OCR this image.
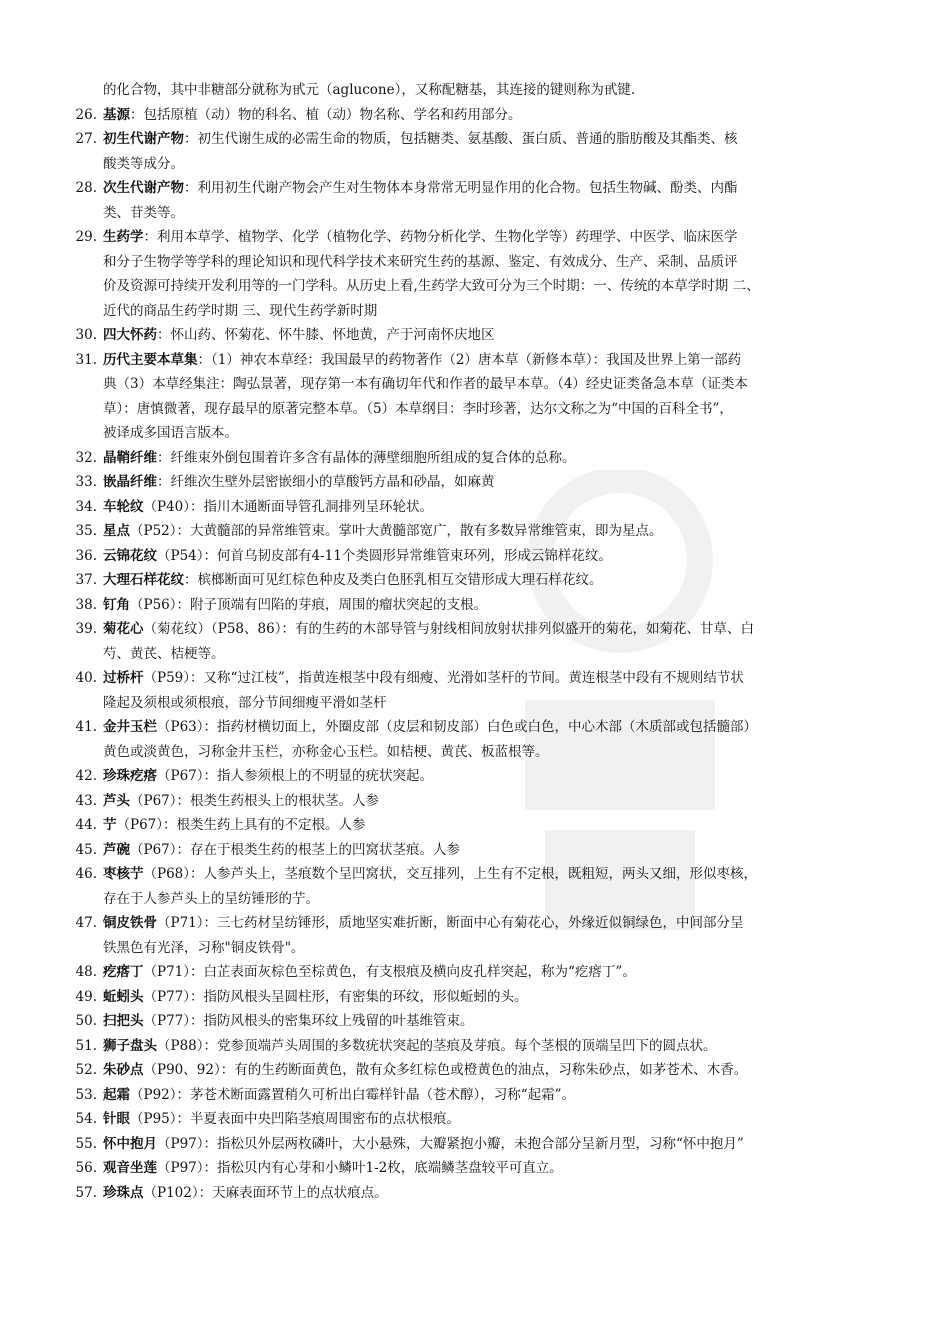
的化合物，其中非糖部分就称为甙元（aglucone），又称配糖基，其连接的键则称为甙键.
26. 基源：包括原植（动）物的科名、植（动）物名称、学名和药用部分。
27. 初生代谢产物：初生代谢生成的必需生命的物质，包括糖类、氨基酸、蛋白质、普通的脂肪酸及其酯类、核
酸类等成分。
28. 次生代谢产物：利用初生代谢产物会产生对生物体本身常常无明显作用的化合物。包括生物碱、酚类、内酯
类、苷类等。
29. 生药学：利用本草学、植物学、化学（植物化学、药物分析化学、生物化学等）药理学、中医学、临床医学
和分子生物学等学科的理论知识和现代科学技术来研究生药的基源、鉴定、有效成分、生产、采制、品质评
价及资源可持续开发利用等的一门学科。从历史上看,生药学大致可分为三个时期：一、传统的本草学时期 二、
近代的商品生药学时期 三、现代生药学新时期
30. 四大怀药：怀山药、怀菊花、怀牛膝、怀地黄，产于河南怀庆地区
31. 历代主要本草集：（1）神农本草经：我国最早的药物著作（2）唐本草（新修本草）：我国及世界上第一部药
典（3）本草经集注：陶弘景著，现存第一本有确切年代和作者的最早本草。（4）经史证类备急本草（证类本
草）：唐慎微著，现存最早的原著完整本草。（5）本草纲目：李时珍著，达尔文称之为“中国的百科全书”，
被译成多国语言版本。
32. 晶鞘纤维：纤维束外倒包围着许多含有晶体的薄壁细胞所组成的复合体的总称。
33. 嵌晶纤维：纤维次生壁外层密嵌细小的草酸钙方晶和砂晶，如麻黄
34. 车轮纹（P40）：指川木通断面导管孔洞排列呈环轮状。
35. 星点（P52）：大黄髓部的异常维管束。掌叶大黄髓部宽广，散有多数异常维管束，即为星点。
36. 云锦花纹（P54）：何首乌韧皮部有4-11个类圆形异常维管束环列，形成云锦样花纹。
37. 大理石样花纹：槟榔断面可见红棕色种皮及类白色胚乳相互交错形成大理石样花纹。
38. 钉角（P56）：附子顶端有凹陷的芽痕，周围的瘤状突起的支根。
39. 菊花心（菊花纹）（P58、86）：有的生药的木部导管与射线相间放射状排列似盛开的菊花，如菊花、甘草、白
芍、黄芪、桔梗等。
40. 过桥杆（P59）：又称“过江枝”，指黄连根茎中段有细瘦、光滑如茎杆的节间。黄连根茎中段有不规则结节状
隆起及须根或须根痕，部分节间细瘦平滑如茎杆
41. 金井玉栏（P63）：指药材横切面上，外圈皮部（皮层和韧皮部）白色或白色，中心木部（木质部或包括髓部）
黄色或淡黄色，习称金井玉栏，亦称金心玉栏。如桔梗、黄芪、板蓝根等。
42. 珍珠疙瘩（P67）：指人参须根上的不明显的疣状突起。
43. 芦头（P67）：根类生药根头上的根状茎。人参
44. 艼（P67）：根类生药上具有的不定根。人参
45. 芦碗（P67）：存在于根类生药的根茎上的凹窝状茎痕。人参
46. 枣核艼（P68）：人参芦头上，茎痕数个呈凹窝状，交互排列，上生有不定根，既粗短，两头又细，形似枣核，
存在于人参芦头上的呈纺锤形的艼。
47. 铜皮铁骨（P71）：三七药材呈纺锤形，质地坚实难折断，断面中心有菊花心，外缘近似铜绿色，中间部分呈
铁黑色有光泽，习称"铜皮铁骨"。
48. 疙瘩丁（P71）：白芷表面灰棕色至棕黄色，有支根痕及横向皮孔样突起，称为“疙瘩丁”。
49. 蚯蚓头（P77）：指防风根头呈圆柱形，有密集的环纹，形似蚯蚓的头。
50. 扫把头（P77）：指防风根头的密集环纹上残留的叶基维管束。
51. 狮子盘头（P88）：党参顶端芦头周围的多数疣状突起的茎痕及芽痕。每个茎根的顶端呈凹下的圆点状。
52. 朱砂点（P90、92）：有的生药断面黄色，散有众多红棕色或橙黄色的油点，习称朱砂点，如茅苍术、木香。
53. 起霜（P92）：茅苍术断面露置稍久可析出白霉样针晶（苍术醇），习称“起霜”。
54. 针眼（P95）：半夏表面中央凹陷茎痕周围密布的点状根痕。
55. 怀中抱月（P97）：指松贝外层两枚磷叶，大小悬殊，大瓣紧抱小瓣，未抱合部分呈新月型，习称“怀中抱月”
56. 观音坐莲（P97）：指松贝内有心芽和小鳞叶1-2枚，底端鳞茎盘较平可直立。
57. 珍珠点（P102）：天麻表面环节上的点状痕点。
